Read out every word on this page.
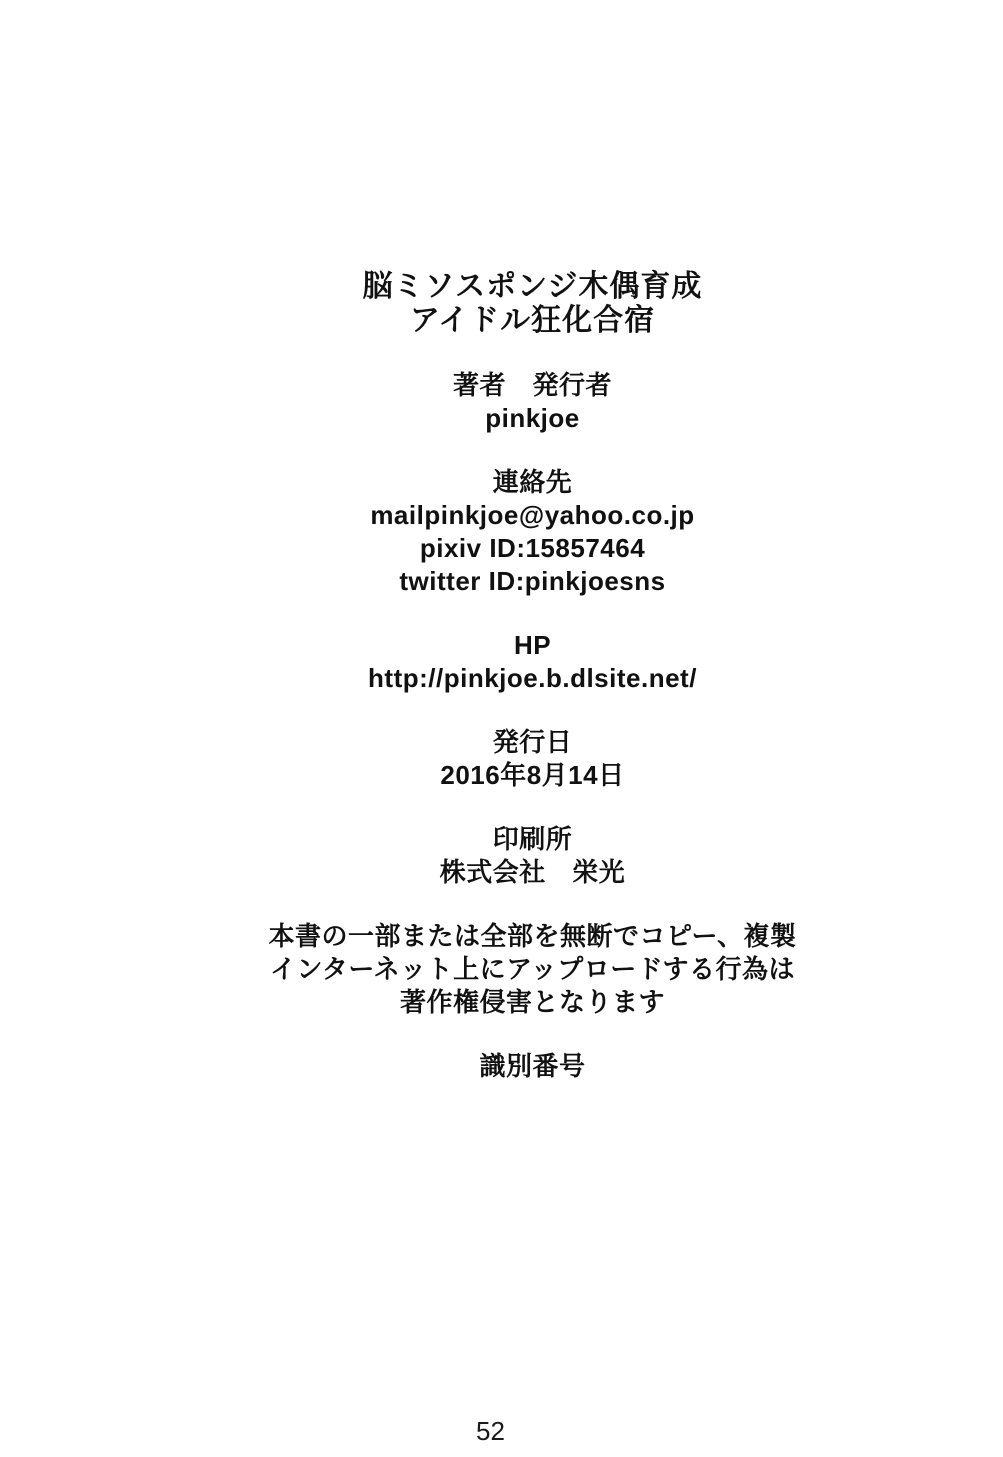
脳ミソスポンジ木偶育成
アイドル狂化合宿
著者　発行者
pinkjoe
連絡先
mailpinkjoe@yahoo.co.jp
pixiv ID:15857464
twitter ID:pinkjoesns
HP
http://pinkjoe.b.dlsite.net/
発行日
2016年8月14日
印刷所
株式会社　栄光
本書の一部または全部を無断でコピー、複製
インターネット上にアップロードする行為は
著作権侵害となります
識別番号
52
